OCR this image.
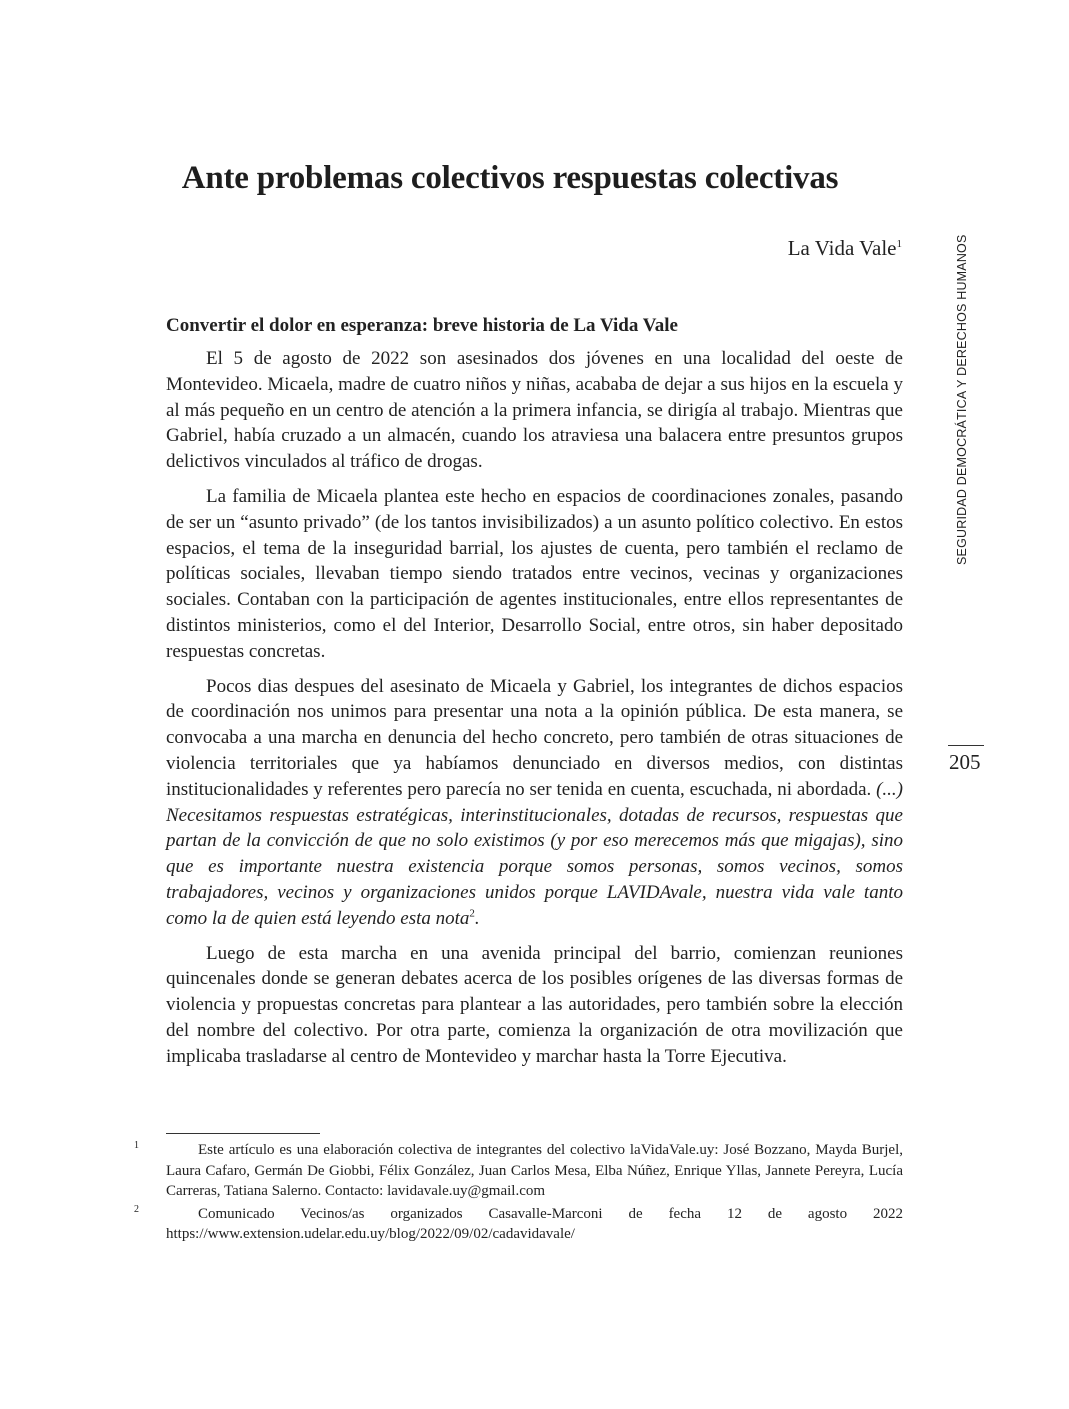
Ante problemas colectivos respuestas colectivas
La Vida Vale$^1$
Convertir el dolor en esperanza: breve historia de La Vida Vale

El 5 de agosto de 2022 son asesinados dos jóvenes en una localidad del oeste de Montevideo. Micaela, madre de cuatro niños y niñas, acababa de dejar a sus hijos en la escuela y al más pequeño en un centro de atención a la primera infancia, se dirigía al trabajo. Mientras que Gabriel, había cruzado a un almacén, cuando los atraviesa una balacera entre presuntos grupos delictivos vinculados al tráfico de drogas.

La familia de Micaela plantea este hecho en espacios de coordinaciones zonales, pasando de ser un “asunto privado” (de los tantos invisibilizados) a un asunto político colectivo. En estos espacios, el tema de la inseguridad barrial, los ajustes de cuenta, pero también el reclamo de políticas sociales, llevaban tiempo siendo tratados entre vecinos, vecinas y organizaciones sociales. Contaban con la participación de agentes institucionales, entre ellos representantes de distintos ministerios, como el del Interior, Desarrollo Social, entre otros, sin haber depositado respuestas concretas.

Pocos dias despues del asesinato de Micaela y Gabriel, los integrantes de dichos espacios de coordinación nos unimos para presentar una nota a la opinión pública. De esta manera, se convocaba a una marcha en denuncia del hecho concreto, pero también de otras situaciones de violencia territoriales que ya habíamos denunciado en diversos medios, con distintas institucionalidades y referentes pero parecía no ser tenida en cuenta, escuchada, ni abordada. (...) Necesitamos respuestas estratégicas, interinstitucionales, dotadas de recursos, respuestas que partan de la convicción de que no solo existimos (y por eso merecemos más que migajas), sino que es importante nuestra existencia porque somos personas, somos vecinos, somos trabajadores, vecinos y organizaciones unidos porque LAVIDAvale, nuestra vida vale tanto como la de quien está leyendo esta nota$^2$.

Luego de esta marcha en una avenida principal del barrio, comienzan reuniones quincenales donde se generan debates acerca de los posibles orígenes de las diversas formas de violencia y propuestas concretas para plantear a las autoridades, pero también sobre la elección del nombre del colectivo. Por otra parte, comienza la organización de otra movilización que implicaba trasladarse al centro de Montevideo y marchar hasta la Torre Ejecutiva.

1	Este artículo es una elaboración colectiva de integrantes del colectivo laVidaVale.uy: José Bozzano, Mayda Burjel, Laura Cafaro, Germán De Giobbi, Félix González, Juan Carlos Mesa, Elba Núñez, Enrique Yllas, Jannete Pereyra, Lucía Carreras, Tatiana Salerno. Contacto: lavidavale.uy@gmail.com
2	Comunicado Vecinos/as organizados Casavalle-Marconi de fecha 12 de agosto 2022 https://www.extension.udelar.edu.uy/blog/2022/09/02/cadavidavale/
SEGURIDAD DEMOCRÁTICA Y DERECHOS HUMANOS
205
